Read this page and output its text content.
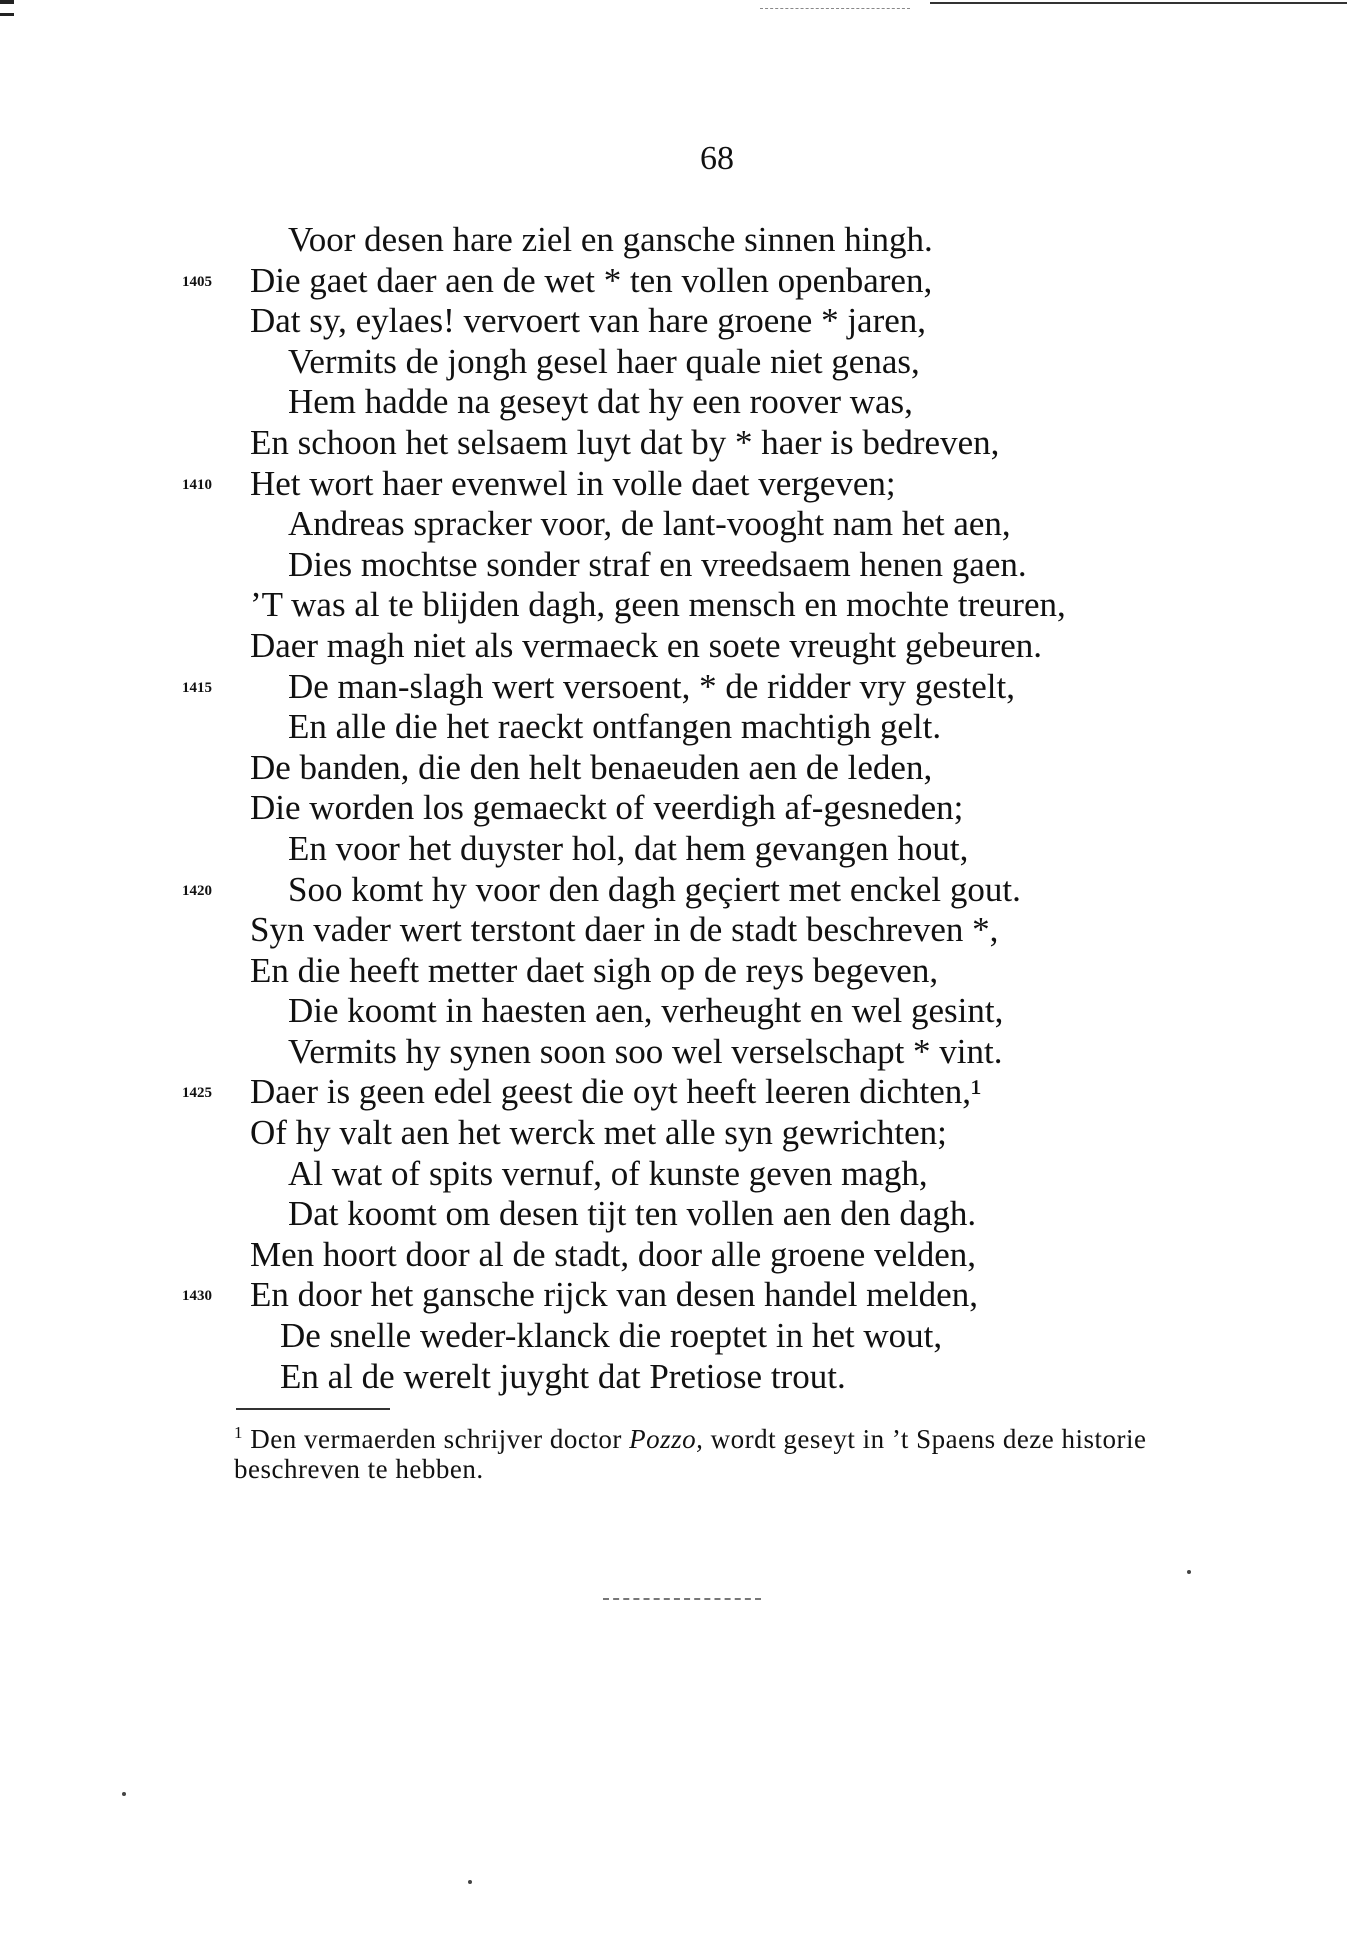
68
Voor desen hare ziel en gansche sinnen hingh.
1405 Die gaet daer aen de wet * ten vollen openbaren,
Dat sy, eylaes! vervoert van hare groene * jaren,
Vermits de jongh gesel haer quale niet genas,
Hem hadde na geseyt dat hy een roover was,
En schoon het selsaem luyt dat by * haer is bedreven,
1410 Het wort haer evenwel in volle daet vergeven;
Andreas spracker voor, de lant-vooght nam het aen,
Dies mochtse sonder straf en vreedsaem henen gaen.
’T was al te blijden dagh, geen mensch en mochte treuren,
Daer magh niet als vermaeck en soete vreught gebeuren.
1415 De man-slagh wert versoent, * de ridder vry gestelt,
En alle die het raeckt ontfangen machtigh gelt.
De banden, die den helt benaeuden aen de leden,
Die worden los gemaeckt of veerdigh af-gesneden;
En voor het duyster hol, dat hem gevangen hout,
1420 Soo komt hy voor den dagh geçiert met enckel gout.
Syn vader wert terstont daer in de stadt beschreven *,
En die heeft metter daet sigh op de reys begeven,
Die koomt in haesten aen, verheught en wel gesint,
Vermits hy synen soon soo wel verselschapt * vint.
1425 Daer is geen edel geest die oyt heeft leeren dichten,¹
Of hy valt aen het werck met alle syn gewrichten;
Al wat of spits vernuf, of kunste geven magh,
Dat koomt om desen tijt ten vollen aen den dagh.
Men hoort door al de stadt, door alle groene velden,
1430 En door het gansche rijck van desen handel melden,
De snelle weder-klanck die roeptet in het wout,
En al de werelt juyght dat Pretiose trout.
$^1$ Den vermaerden schrijver doctor Pozzo, wordt geseyt in ’t Spaens deze historie beschreven te hebben.
